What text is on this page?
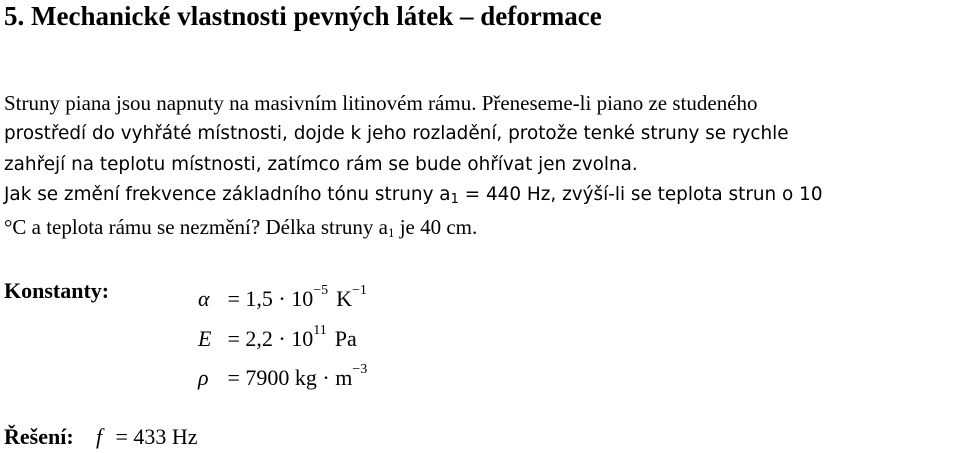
5. Mechanické vlastnosti pevných látek – deformace
Struny piana jsou napnuty na masivním litinovém rámu. Přeneseme-li piano ze studeného
prostředí do vyhřáté místnosti, dojde k jeho rozladění, protože tenké struny se rychle
zahřejí na teplotu místnosti, zatímco rám se bude ohřívat jen zvolna.
Jak se změní frekvence základního tónu struny $a_1 = 440$ Hz, zvýší-li se teplota strun o 10
°C a teplota rámu se nezmění? Délka struny $a_1$ je 40 cm.
Konstanty:	$\alpha = 1,5 \cdot 10^{-5}$ $K^{-1}$
$E = 2,2 \cdot 10^{11}$ Pa
ρ = 7900 kg · $m^{-3}$
Řešení: f = 433 Hz
